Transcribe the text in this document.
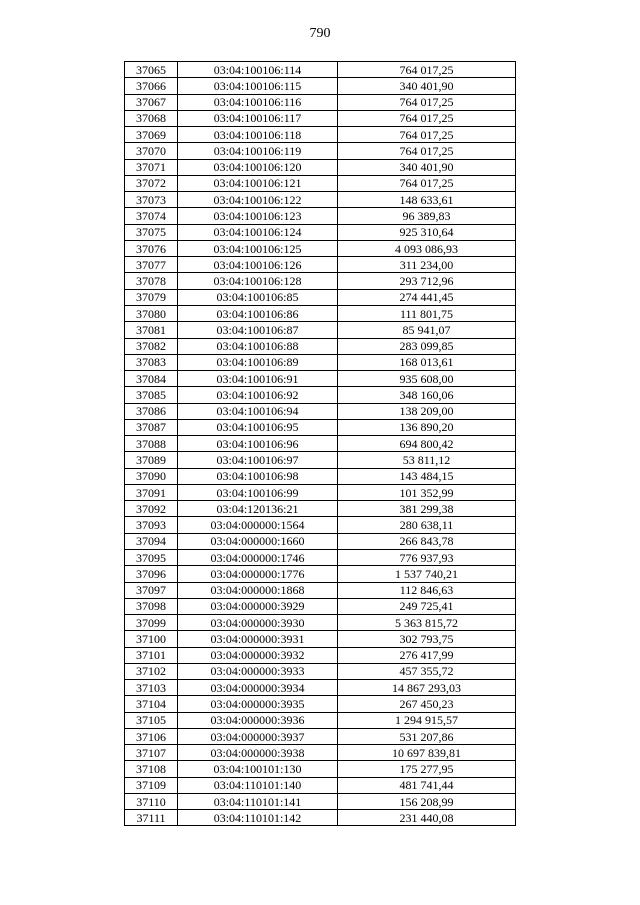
790
37065	03:04:100106:114	764 017,25
37066	03:04:100106:115	340 401,90
37067	03:04:100106:116	764 017,25
37068	03:04:100106:117	764 017,25
37069	03:04:100106:118	764 017,25
37070	03:04:100106:119	764 017,25
37071	03:04:100106:120	340 401,90
37072	03:04:100106:121	764 017,25
37073	03:04:100106:122	148 633,61
37074	03:04:100106:123	96 389,83
37075	03:04:100106:124	925 310,64
37076	03:04:100106:125	4 093 086,93
37077	03:04:100106:126	311 234,00
37078	03:04:100106:128	293 712,96
37079	03:04:100106:85	274 441,45
37080	03:04:100106:86	111 801,75
37081	03:04:100106:87	85 941,07
37082	03:04:100106:88	283 099,85
37083	03:04:100106:89	168 013,61
37084	03:04:100106:91	935 608,00
37085	03:04:100106:92	348 160,06
37086	03:04:100106:94	138 209,00
37087	03:04:100106:95	136 890,20
37088	03:04:100106:96	694 800,42
37089	03:04:100106:97	53 811,12
37090	03:04:100106:98	143 484,15
37091	03:04:100106:99	101 352,99
37092	03:04:120136:21	381 299,38
37093	03:04:000000:1564	280 638,11
37094	03:04:000000:1660	266 843,78
37095	03:04:000000:1746	776 937,93
37096	03:04:000000:1776	1 537 740,21
37097	03:04:000000:1868	112 846,63
37098	03:04:000000:3929	249 725,41
37099	03:04:000000:3930	5 363 815,72
37100	03:04:000000:3931	302 793,75
37101	03:04:000000:3932	276 417,99
37102	03:04:000000:3933	457 355,72
37103	03:04:000000:3934	14 867 293,03
37104	03:04:000000:3935	267 450,23
37105	03:04:000000:3936	1 294 915,57
37106	03:04:000000:3937	531 207,86
37107	03:04:000000:3938	10 697 839,81
37108	03:04:100101:130	175 277,95
37109	03:04:110101:140	481 741,44
37110	03:04:110101:141	156 208,99
37111	03:04:110101:142	231 440,08
